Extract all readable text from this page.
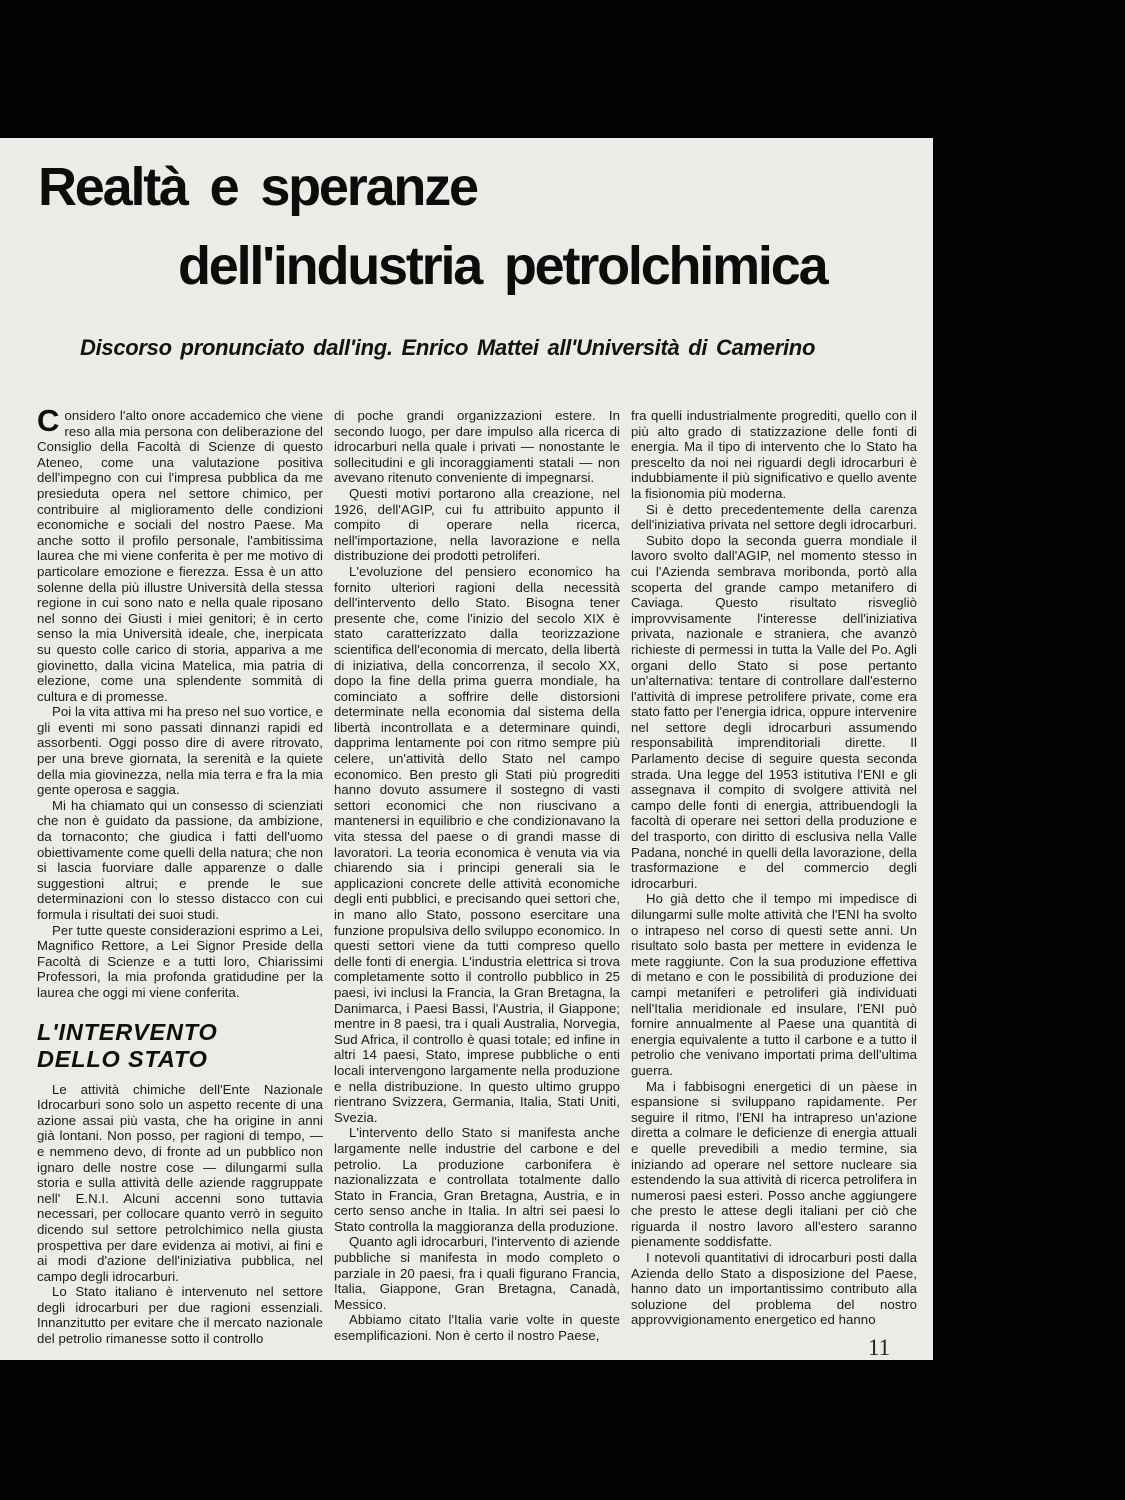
Realtà e speranze
dell'industria petrolchimica

Discorso pronunciato dall'ing. Enrico Mattei all'Università di Camerino

Considero l'alto onore accademico che viene reso alla mia persona con deliberazione del Consiglio della Facoltà di Scienze di questo Ateneo, come una valutazione positiva dell'impegno con cui l'impresa pubblica da me presieduta opera nel settore chimico, per contribuire al miglioramento delle condizioni economiche e sociali del nostro Paese. Ma anche sotto il profilo personale, l'ambitissima laurea che mi viene conferita è per me motivo di particolare emozione e fierezza. Essa è un atto solenne della più illustre Università della stessa regione in cui sono nato e nella quale riposano nel sonno dei Giusti i miei genitori; è in certo senso la mia Università ideale, che, inerpicata su questo colle carico di storia, appariva a me giovinetto, dalla vicina Matelica, mia patria di elezione, come una splendente sommità di cultura e di promesse.

Poi la vita attiva mi ha preso nel suo vortice, e gli eventi mi sono passati dinnanzi rapidi ed assorbenti. Oggi posso dire di avere ritrovato, per una breve giornata, la serenità e la quiete della mia giovinezza, nella mia terra e fra la mia gente operosa e saggia.

Mi ha chiamato qui un consesso di scienziati che non è guidato da passione, da ambizione, da tornaconto; che giudica i fatti dell'uomo obiettivamente come quelli della natura; che non si lascia fuorviare dalle apparenze o dalle suggestioni altrui; e prende le sue determinazioni con lo stesso distacco con cui formula i risultati dei suoi studi.

Per tutte queste considerazioni esprimo a Lei, Magnifico Rettore, a Lei Signor Preside della Facoltà di Scienze e a tutti loro, Chiarissimi Professori, la mia profonda gratidudine per la laurea che oggi mi viene conferita.

L'INTERVENTO
DELLO STATO

Le attività chimiche dell'Ente Nazionale Idrocarburi sono solo un aspetto recente di una azione assai più vasta, che ha origine in anni già lontani. Non posso, per ragioni di tempo, — e nemmeno devo, di fronte ad un pubblico non ignaro delle nostre cose — dilungarmi sulla storia e sulla attività delle aziende raggruppate nell' E.N.I. Alcuni accenni sono tuttavia necessari, per collocare quanto verrò in seguito dicendo sul settore petrolchimico nella giusta prospettiva per dare evidenza ai motivi, ai fini e ai modi d'azione dell'iniziativa pubblica, nel campo degli idrocarburi.

Lo Stato italiano è intervenuto nel settore degli idrocarburi per due ragioni essenziali. Innanzitutto per evitare che il mercato nazionale del petrolio rimanesse sotto il controllo

di poche grandi organizzazioni estere. In secondo luogo, per dare impulso alla ricerca di idrocarburi nella quale i privati — nonostante le sollecitudini e gli incoraggiamenti statali — non avevano ritenuto conveniente di impegnarsi.

Questi motivi portarono alla creazione, nel 1926, dell'AGIP, cui fu attribuito appunto il compito di operare nella ricerca, nell'importazione, nella lavorazione e nella distribuzione dei prodotti petroliferi.

L'evoluzione del pensiero economico ha fornito ulteriori ragioni della necessità dell'intervento dello Stato. Bisogna tener presente che, come l'inizio del secolo XIX è stato caratterizzato dalla teorizzazione scientifica dell'economia di mercato, della libertà di iniziativa, della concorrenza, il secolo XX, dopo la fine della prima guerra mondiale, ha cominciato a soffrire delle distorsioni determinate nella economia dal sistema della libertà incontrollata e a determinare quindi, dapprima lentamente poi con ritmo sempre più celere, un'attività dello Stato nel campo economico. Ben presto gli Stati più progrediti hanno dovuto assumere il sostegno di vasti settori economici che non riuscivano a mantenersi in equilibrio e che condizionavano la vita stessa del paese o di grandi masse di lavoratori. La teoria economica è venuta via via chiarendo sia i principi generali sia le applicazioni concrete delle attività economiche degli enti pubblici, e precisando quei settori che, in mano allo Stato, possono esercitare una funzione propulsiva dello sviluppo economico. In questi settori viene da tutti compreso quello delle fonti di energia. L'industria elettrica si trova completamente sotto il controllo pubblico in 25 paesi, ivi inclusi la Francia, la Gran Bretagna, la Danimarca, i Paesi Bassi, l'Austria, il Giappone; mentre in 8 paesi, tra i quali Australia, Norvegia, Sud Africa, il controllo è quasi totale; ed infine in altri 14 paesi, Stato, imprese pubbliche o enti locali intervengono largamente nella produzione e nella distribuzione. In questo ultimo gruppo rientrano Svizzera, Germania, Italia, Stati Uniti, Svezia.

L'intervento dello Stato si manifesta anche largamente nelle industrie del carbone e del petrolio. La produzione carbonifera è nazionalizzata e controllata totalmente dallo Stato in Francia, Gran Bretagna, Austria, e in certo senso anche in Italia. In altri sei paesi lo Stato controlla la maggioranza della produzione.

Quanto agli idrocarburi, l'intervento di aziende pubbliche si manifesta in modo completo o parziale in 20 paesi, fra i quali figurano Francia, Italia, Giappone, Gran Bretagna, Canadà, Messico.

Abbiamo citato l'Italia varie volte in queste esemplificazioni. Non è certo il nostro Paese,

fra quelli industrialmente progrediti, quello con il più alto grado di statizzazione delle fonti di energia. Ma il tipo di intervento che lo Stato ha prescelto da noi nei riguardi degli idrocarburi è indubbiamente il più significativo e quello avente la fisionomia più moderna.

Si è detto precedentemente della carenza dell'iniziativa privata nel settore degli idrocarburi.

Subito dopo la seconda guerra mondiale il lavoro svolto dall'AGIP, nel momento stesso in cui l'Azienda sembrava moribonda, portò alla scoperta del grande campo metanifero di Caviaga. Questo risultato risvegliò improvvisamente l'interesse dell'iniziativa privata, nazionale e straniera, che avanzò richieste di permessi in tutta la Valle del Po. Agli organi dello Stato si pose pertanto un'alternativa: tentare di controllare dall'esterno l'attività di imprese petrolifere private, come era stato fatto per l'energia idrica, oppure intervenire nel settore degli idrocarburi assumendo responsabilità imprenditoriali dirette. Il Parlamento decise di seguire questa seconda strada. Una legge del 1953 istitutiva l'ENI e gli assegnava il compito di svolgere attività nel campo delle fonti di energia, attribuendogli la facoltà di operare nei settori della produzione e del trasporto, con diritto di esclusiva nella Valle Padana, nonché in quelli della lavorazione, della trasformazione e del commercio degli idrocarburi.

Ho già detto che il tempo mi impedisce di dilungarmi sulle molte attività che l'ENI ha svolto o intrapeso nel corso di questi sette anni. Un risultato solo basta per mettere in evidenza le mete raggiunte. Con la sua produzione effettiva di metano e con le possibilità di produzione dei campi metaniferi e petroliferi già individuati nell'Italia meridionale ed insulare, l'ENI può fornire annualmente al Paese una quantità di energia equivalente a tutto il carbone e a tutto il petrolio che venivano importati prima dell'ultima guerra.

Ma i fabbisogni energetici di un pàese in espansione si sviluppano rapidamente. Per seguire il ritmo, l'ENI ha intrapreso un'azione diretta a colmare le deficienze di energia attuali e quelle prevedibili a medio termine, sia iniziando ad operare nel settore nucleare sia estendendo la sua attività di ricerca petrolifera in numerosi paesi esteri. Posso anche aggiungere che presto le attese degli italiani per ciò che riguarda il nostro lavoro all'estero saranno pienamente soddisfatte.

I notevoli quantitativi di idrocarburi posti dalla Azienda dello Stato a disposizione del Paese, hanno dato un importantissimo contributo alla soluzione del problema del nostro approvvigionamento energetico ed hanno

11
